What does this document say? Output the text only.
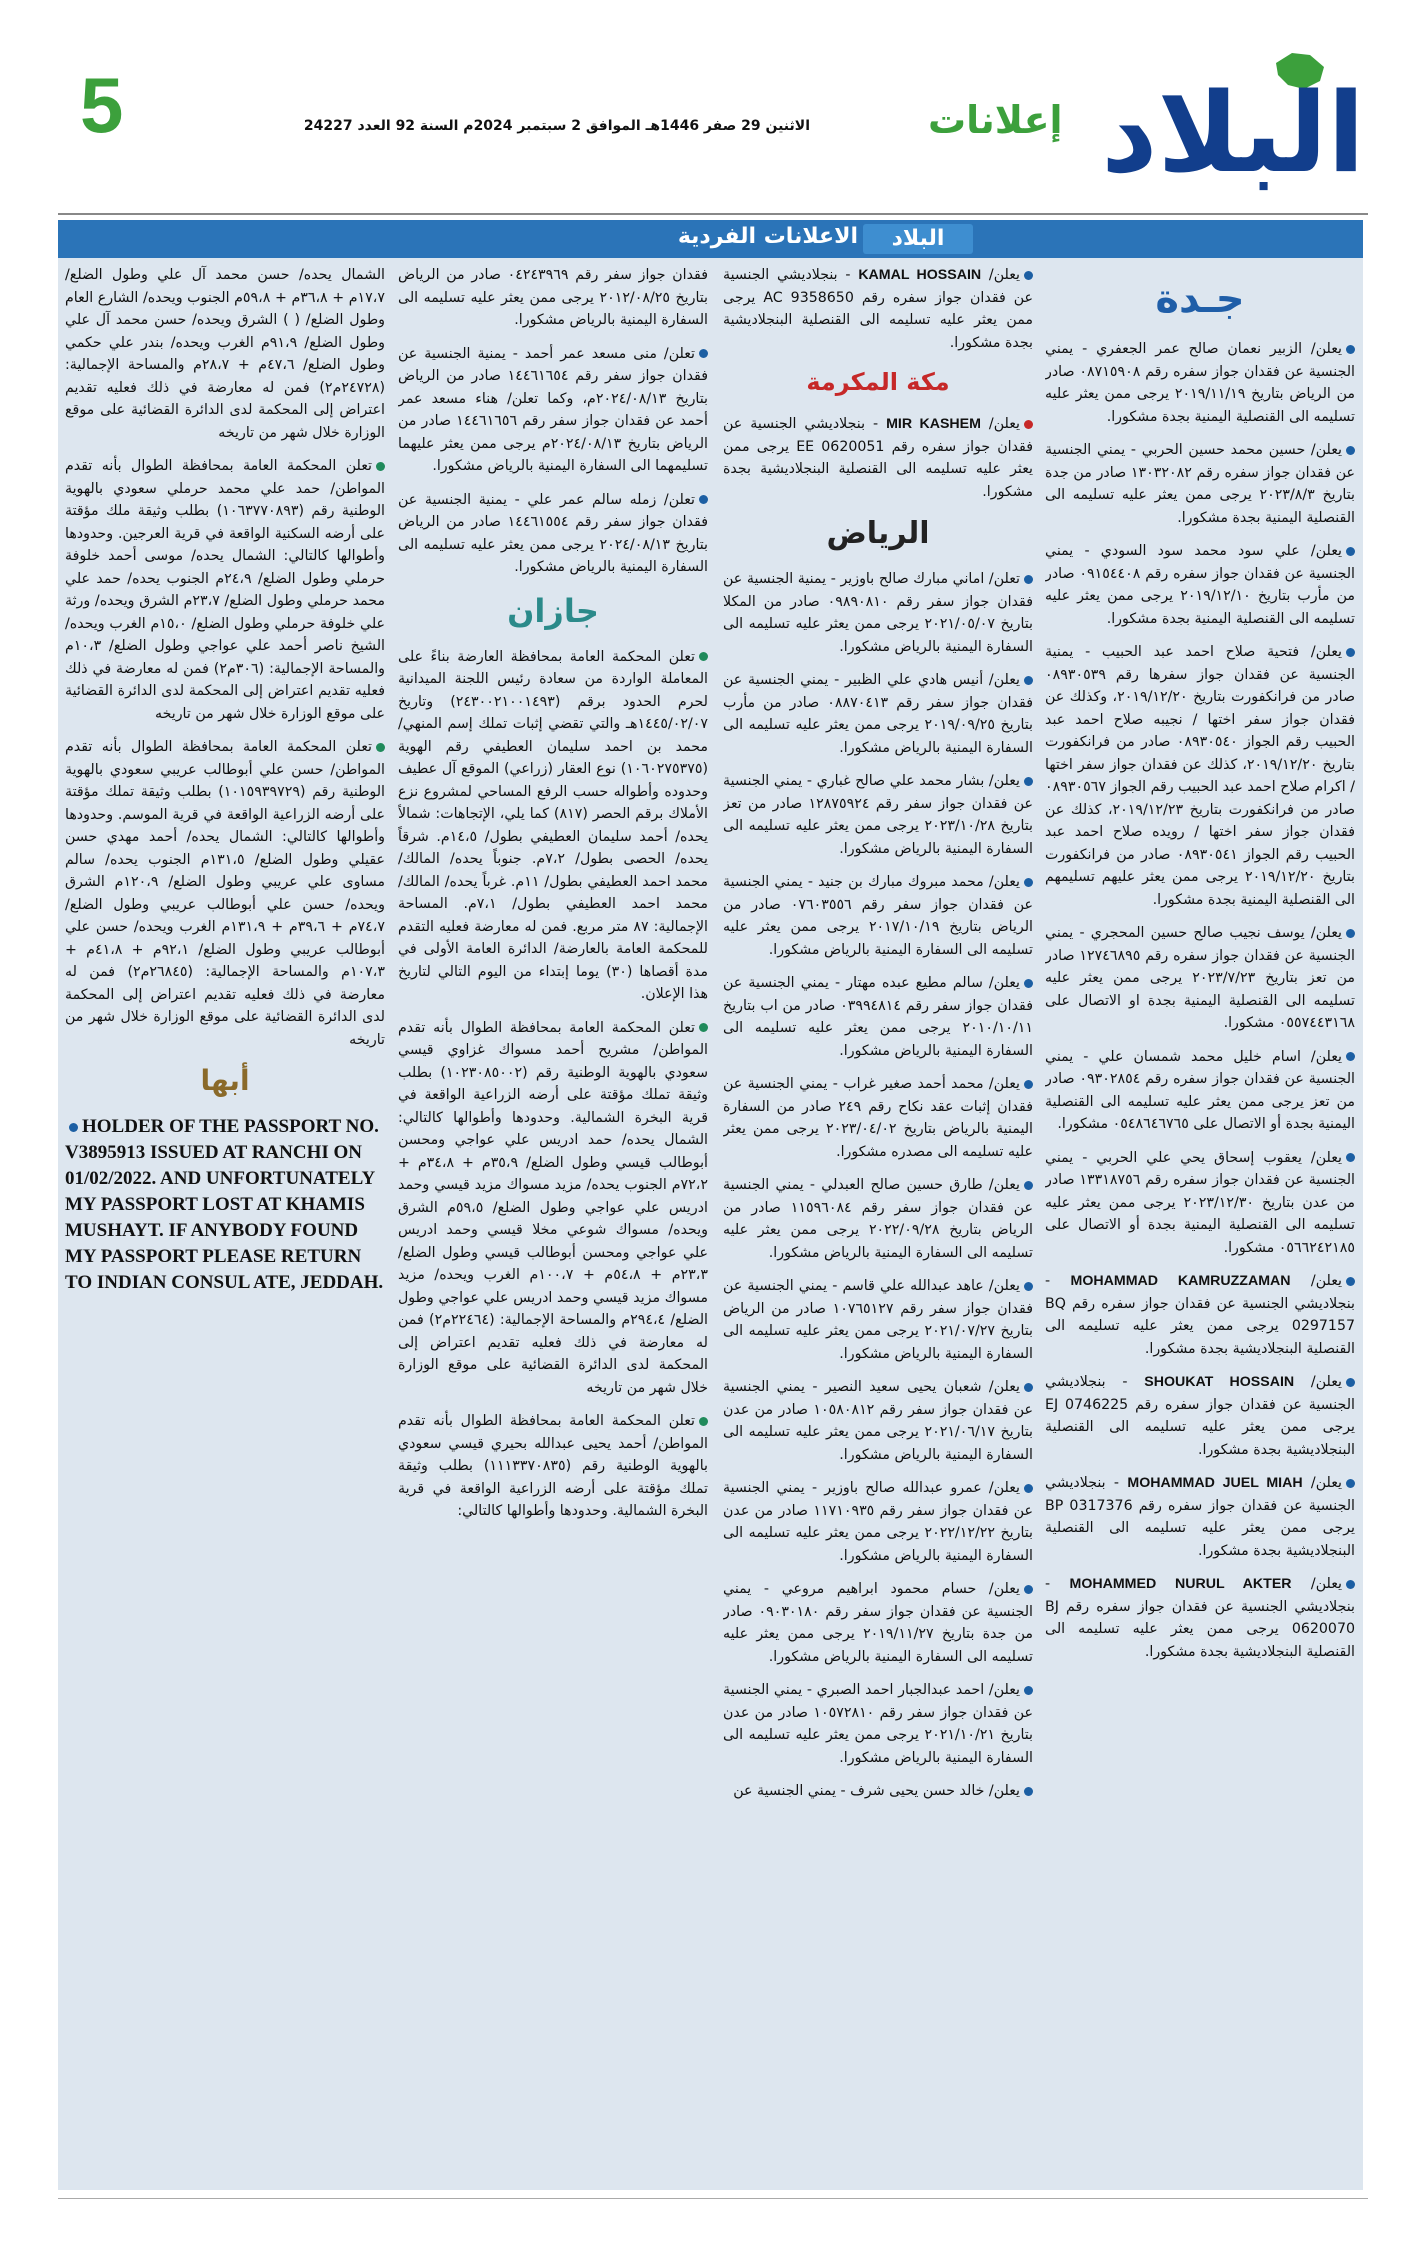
5	الاثنين 29 صفر 1446هـ الموافق 2 سبتمبر 2024م السنة 92 العدد 24227	إعلانات البلاد
الاعلانات الفردية	البلاد
جـدة

يعلن/ الزبير نعمان صالح عمر الجعفري - يمني الجنسية عن فقدان جواز سفره رقم ٠٨٧١٥٩٠٨ صادر من الرياض بتاريخ ٢٠١٩/١١/١٩ يرجى ممن يعثر عليه تسليمه الى القنصلية اليمنية بجدة مشكورا.

يعلن/ حسين محمد حسين الحربي - يمني الجنسية عن فقدان جواز سفره رقم ١٣٠٣٢٠٨٢ صادر من جدة بتاريخ ٢٠٢٣/٨/٣ يرجى ممن يعثر عليه تسليمه الى القنصلية اليمنية بجدة مشكورا.

يعلن/ علي سود محمد سود السودي - يمني الجنسية عن فقدان جواز سفره رقم ٠٩١٥٤٤٠٨ صادر من مأرب بتاريخ ٢٠١٩/١٢/١٠ يرجى ممن يعثر عليه تسليمه الى القنصلية اليمنية بجدة مشكورا.

يعلن/ فتحية صلاح احمد عبد الحبيب - يمنية الجنسية عن فقدان جواز سفرها رقم ٠٨٩٣٠٥٣٩ صادر من فرانكفورت بتاريخ ٢٠١٩/١٢/٢٠، وكذلك عن فقدان جواز سفر اختها / نجيبه صلاح احمد عبد الحبيب رقم الجواز ٠٨٩٣٠٥٤٠ صادر من فرانكفورت بتاريخ ٢٠١٩/١٢/٢٠، كذلك عن فقدان جواز سفر اختها / اكرام صلاح احمد عبد الحبيب رقم الجواز ٠٨٩٣٠٥٦٧ صادر من فرانكفورت بتاريخ ٢٠١٩/١٢/٢٣، كذلك عن فقدان جواز سفر اختها / رويده صلاح احمد عبد الحبيب رقم الجواز ٠٨٩٣٠٥٤١ صادر من فرانكفورت بتاريخ ٢٠١٩/١٢/٢٠ يرجى ممن يعثر عليهم تسليمهم الى القنصلية اليمنية بجدة مشكورا.

يعلن/ يوسف نجيب صالح حسين المحجري - يمني الجنسية عن فقدان جواز سفره رقم ١٢٧٤٦٨٩٥ صادر من تعز بتاريخ ٢٠٢٣/٧/٢٣ يرجى ممن يعثر عليه تسليمه الى القنصلية اليمنية بجدة او الاتصال على ٠٥٥٧٤٤٣١٦٨ مشكورا.

يعلن/ اسام خليل محمد شمسان علي - يمني الجنسية عن فقدان جواز سفره رقم ٠٩٣٠٢٨٥٤ صادر من تعز يرجى ممن يعثر عليه تسليمه الى القنصلية اليمنية بجدة أو الاتصال على ٠٥٤٨٦٤٦٧٦٥ مشكورا.

يعلن/ يعقوب إسحاق يحي علي الحربي - يمني الجنسية عن فقدان جواز سفره رقم ١٣٣١٨٧٥٦ صادر من عدن بتاريخ ٢٠٢٣/١٢/٣٠ يرجى ممن يعثر عليه تسليمه الى القنصلية اليمنية بجدة أو الاتصال على ٠٥٦٦٢٤٢١٨٥ مشكورا.

يعلن/ MOHAMMAD KAMRUZZAMAN - بنجلاديشي الجنسية عن فقدان جواز سفره رقم BQ 0297157 يرجى ممن يعثر عليه تسليمه الى القنصلية البنجلاديشية بجدة مشكورا.

يعلن/ SHOUKAT HOSSAIN - بنجلاديشي الجنسية عن فقدان جواز سفره رقم EJ 0746225 يرجى ممن يعثر عليه تسليمه الى القنصلية البنجلاديشية بجدة مشكورا.

يعلن/ MOHAMMAD JUEL MIAH - بنجلاديشي الجنسية عن فقدان جواز سفره رقم BP 0317376 يرجى ممن يعثر عليه تسليمه الى القنصلية البنجلاديشية بجدة مشكورا.

يعلن/ MOHAMMED NURUL AKTER - بنجلاديشي الجنسية عن فقدان جواز سفره رقم BJ 0620070 يرجى ممن يعثر عليه تسليمه الى القنصلية البنجلاديشية بجدة مشكورا.

يعلن/ KAMAL HOSSAIN - بنجلاديشي الجنسية عن فقدان جواز سفره رقم AC 9358650 يرجى ممن يعثر عليه تسليمه الى القنصلية البنجلاديشية بجدة مشكورا.

مكة المكرمة

يعلن/ MIR KASHEM - بنجلاديشي الجنسية عن فقدان جواز سفره رقم EE 0620051 يرجى ممن يعثر عليه تسليمه الى القنصلية البنجلاديشية بجدة مشكورا.

الرياض

تعلن/ اماني مبارك صالح باوزير - يمنية الجنسية عن فقدان جواز سفر رقم ٠٩٨٩٠٨١٠ صادر من المكلا بتاريخ ٢٠٢١/٠٥/٠٧ يرجى ممن يعثر عليه تسليمه الى السفارة اليمنية بالرياض مشكورا.

يعلن/ أنيس هادي علي الظبير - يمني الجنسية عن فقدان جواز سفر رقم ٠٨٨٧٠٤١٣ صادر من مأرب بتاريخ ٢٠١٩/٠٩/٢٥ يرجى ممن يعثر عليه تسليمه الى السفارة اليمنية بالرياض مشكورا.

يعلن/ بشار محمد علي صالح غباري - يمني الجنسية عن فقدان جواز سفر رقم ١٢٨٧٥٩٢٤ صادر من تعز بتاريخ ٢٠٢٣/١٠/٢٨ يرجى ممن يعثر عليه تسليمه الى السفارة اليمنية بالرياض مشكورا.

يعلن/ محمد مبروك مبارك بن جنيد - يمني الجنسية عن فقدان جواز سفر رقم ٠٧٦٠٣٥٥٦ صادر من الرياض بتاريخ ٢٠١٧/١٠/١٩ يرجى ممن يعثر عليه تسليمه الى السفارة اليمنية بالرياض مشكورا.

يعلن/ سالم مطيع عبده مهتار - يمني الجنسية عن فقدان جواز سفر رقم ٠٣٩٩٤٨١٤ صادر من اب بتاريخ ٢٠١٠/١٠/١١ يرجى ممن يعثر عليه تسليمه الى السفارة اليمنية بالرياض مشكورا.

يعلن/ محمد أحمد صغير غراب - يمني الجنسية عن فقدان إثبات عقد نكاح رقم ٢٤٩ صادر من السفارة اليمنية بالرياض بتاريخ ٢٠٢٣/٠٤/٠٢ يرجى ممن يعثر عليه تسليمه الى مصدره مشكورا.

يعلن/ طارق حسين صالح العبدلي - يمني الجنسية عن فقدان جواز سفر رقم ١١٥٩٦٠٨٤ صادر من الرياض بتاريخ ٢٠٢٢/٠٩/٢٨ يرجى ممن يعثر عليه تسليمه الى السفارة اليمنية بالرياض مشكورا.

يعلن/ عاهد عبدالله علي قاسم - يمني الجنسية عن فقدان جواز سفر رقم ١٠٧٦٥١٢٧ صادر من الرياض بتاريخ ٢٠٢١/٠٧/٢٧ يرجى ممن يعثر عليه تسليمه الى السفارة اليمنية بالرياض مشكورا.

يعلن/ شعبان يحيى سعيد النصير - يمني الجنسية عن فقدان جواز سفر رقم ١٠٥٨٠٨١٢ صادر من عدن بتاريخ ٢٠٢١/٠٦/١٧ يرجى ممن يعثر عليه تسليمه الى السفارة اليمنية بالرياض مشكورا.

يعلن/ عمرو عبدالله صالح باوزير - يمني الجنسية عن فقدان جواز سفر رقم ١١٧١٠٩٣٥ صادر من عدن بتاريخ ٢٠٢٢/١٢/٢٢ يرجى ممن يعثر عليه تسليمه الى السفارة اليمنية بالرياض مشكورا.

يعلن/ حسام محمود ابراهيم مروعي - يمني الجنسية عن فقدان جواز سفر رقم ٠٩٠٣٠١٨٠ صادر من جدة بتاريخ ٢٠١٩/١١/٢٧ يرجى ممن يعثر عليه تسليمه الى السفارة اليمنية بالرياض مشكورا.

يعلن/ احمد عبدالجبار احمد الصبري - يمني الجنسية عن فقدان جواز سفر رقم ١٠٥٧٢٨١٠ صادر من عدن بتاريخ ٢٠٢١/١٠/٢١ يرجى ممن يعثر عليه تسليمه الى السفارة اليمنية بالرياض مشكورا.

يعلن/ خالد حسن يحيى شرف - يمني الجنسية عن

فقدان جواز سفر رقم ٠٤٢٤٣٩٦٩ صادر من الرياض بتاريخ ٢٠١٢/٠٨/٢٥ يرجى ممن يعثر عليه تسليمه الى السفارة اليمنية بالرياض مشكورا.

تعلن/ منى مسعد عمر أحمد - يمنية الجنسية عن فقدان جواز سفر رقم ١٤٤٦١٦٥٤ صادر من الرياض بتاريخ ٢٠٢٤/٠٨/١٣م، وكما تعلن/ هناء مسعد عمر أحمد عن فقدان جواز سفر رقم ١٤٤٦١٦٥٦ صادر من الرياض بتاريخ ٢٠٢٤/٠٨/١٣م يرجى ممن يعثر عليهما تسليمهما الى السفارة اليمنية بالرياض مشكورا.

تعلن/ زمله سالم عمر علي - يمنية الجنسية عن فقدان جواز سفر رقم ١٤٤٦١٥٥٤ صادر من الرياض بتاريخ ٢٠٢٤/٠٨/١٣ يرجى ممن يعثر عليه تسليمه الى السفارة اليمنية بالرياض مشكورا.

جازان

تعلن المحكمة العامة بمحافظة العارضة بناءً على المعاملة الواردة من سعادة رئيس اللجنة الميدانية لحرم الحدود برقم (٢٤٣٠٠٢١٠٠١٤٩٣) وتاريخ ١٤٤٥/٠٢/٠٧هـ والتي تقضي إثبات تملك إسم المنهي/ محمد بن احمد سليمان العطيفي رقم الهوية (١٠٦٠٢٧٥٣٧٥) نوع العقار (زراعي) الموقع آل عطيف وحدوده وأطواله حسب الرفع المساحي لمشروع نزع الأملاك برقم الحصر (٨١٧) كما يلي، الإتجاهات: شمالاً يحده/ أحمد سليمان العطيفي بطول/ ١٤،٥م. شرقاً يحده/ الحصى بطول/ ٧،٢م. جنوباً يحده/ المالك/ محمد احمد العطيفي بطول/ ١١م. غرباً يحده/ المالك/ محمد احمد العطيفي بطول/ ٧،١م. المساحة الإجمالية: ٨٧ متر مربع. فمن له معارضة فعليه التقدم للمحكمة العامة بالعارضة/ الدائرة العامة الأولى في مدة أقصاها (٣٠) يوما إبتداء من اليوم التالي لتاريخ هذا الإعلان.

تعلن المحكمة العامة بمحافظة الطوال بأنه تقدم المواطن/ مشريح أحمد مسواك غزاوي قيسي سعودي بالهوية الوطنية رقم (١٠٢٣٠٨٥٠٠٢) بطلب وثيقة تملك مؤقتة على أرضه الزراعية الواقعة في قرية البخرة الشمالية. وحدودها وأطوالها كالتالي: الشمال يحده/ حمد ادريس علي عواجي ومحسن أبوطالب قيسي وطول الضلع/ ٣٥،٩م + ٣٤،٨م + ٧٢،٢م الجنوب يحده/ مزيد مسواك مزيد قيسي وحمد ادريس علي عواجي وطول الضلع/ ٥٩،٥م الشرق ويحده/ مسواك شوعي مخلا قيسي وحمد ادريس علي عواجي ومحسن أبوطالب قيسي وطول الضلع/ ٢٣،٣م + ٥٤،٨م + ١٠٠،٧م الغرب ويحده/ مزيد مسواك مزيد قيسي وحمد ادريس علي عواجي وطول الضلع/ ٢٩٤،٤م والمساحة الإجمالية: (٢٢٤٦٤م٢) فمن له معارضة في ذلك فعليه تقديم اعتراض إلى المحكمة لدى الدائرة القضائية على موقع الوزارة خلال شهر من تاريخه

تعلن المحكمة العامة بمحافظة الطوال بأنه تقدم المواطن/ أحمد يحيى عبدالله بحيري قيسي سعودي بالهوية الوطنية رقم (١١١٣٣٧٠٨٣٥) بطلب وثيقة تملك مؤقتة على أرضه الزراعية الواقعة في قرية البخرة الشمالية. وحدودها وأطوالها كالتالي:

الشمال يحده/ حسن محمد آل علي وطول الضلع/ ١٧،٧م + ٣٦،٨م + ٥٩،٨م الجنوب ويحده/ الشارع العام وطول الضلع/ ( ) الشرق ويحده/ حسن محمد آل علي وطول الضلع/ ٩١،٩م الغرب ويحده/ بندر علي حكمي وطول الضلع/ ٤٧،٦م + ٢٨،٧م والمساحة الإجمالية: (٢٤٧٢٨م٢) فمن له معارضة في ذلك فعليه تقديم اعتراض إلى المحكمة لدى الدائرة القضائية على موقع الوزارة خلال شهر من تاريخه

تعلن المحكمة العامة بمحافظة الطوال بأنه تقدم المواطن/ حمد علي محمد حرملي سعودي بالهوية الوطنية رقم (١٠٦٣٧٧٠٨٩٣) بطلب وثيقة ملك مؤقتة على أرضه السكنية الواقعة في قرية العرجين. وحدودها وأطوالها كالتالي: الشمال يحده/ موسى أحمد خلوفة حرملي وطول الضلع/ ٢٤،٩م الجنوب يحده/ حمد علي محمد حرملي وطول الضلع/ ٢٣،٧م الشرق ويحده/ ورثة علي خلوفة حرملي وطول الضلع/ ١٥،٠م الغرب ويحده/ الشيخ ناصر أحمد علي عواجي وطول الضلع/ ١٠،٣م والمساحة الإجمالية: (٣٠٦م٢) فمن له معارضة في ذلك فعليه تقديم اعتراض إلى المحكمة لدى الدائرة القضائية على موقع الوزارة خلال شهر من تاريخه

تعلن المحكمة العامة بمحافظة الطوال بأنه تقدم المواطن/ حسن علي أبوطالب عريبي سعودي بالهوية الوطنية رقم (١٠١٥٩٣٩٧٢٩) بطلب وثيقة تملك مؤقتة على أرضه الزراعية الواقعة في قرية الموسم. وحدودها وأطوالها كالتالي: الشمال يحده/ أحمد مهدي حسن عقيلي وطول الضلع/ ١٣١،٥م الجنوب يحده/ سالم مساوى علي عريبي وطول الضلع/ ١٢٠،٩م الشرق ويحده/ حسن علي أبوطالب عريبي وطول الضلع/ ٧٤،٧م + ٣٩،٦م + ١٣١،٩م الغرب ويحده/ حسن علي أبوطالب عريبي وطول الضلع/ ٩٢،١م + ٤١،٨م + ١٠٧،٣م والمساحة الإجمالية: (٢٦٨٤٥م٢) فمن له معارضة في ذلك فعليه تقديم اعتراض إلى المحكمة لدى الدائرة القضائية على موقع الوزارة خلال شهر من تاريخه

أبها
HOLDER OF THE PASSPORT NO. V3895913 ISSUED AT RANCHI ON 01/02/2022. AND UNFORTUNATELY MY PASSPORT LOST AT KHAMIS MUSHAYT. IF ANYBODY FOUND MY PASSPORT PLEASE RETURN TO INDIAN CONSUL ATE, JEDDAH.
